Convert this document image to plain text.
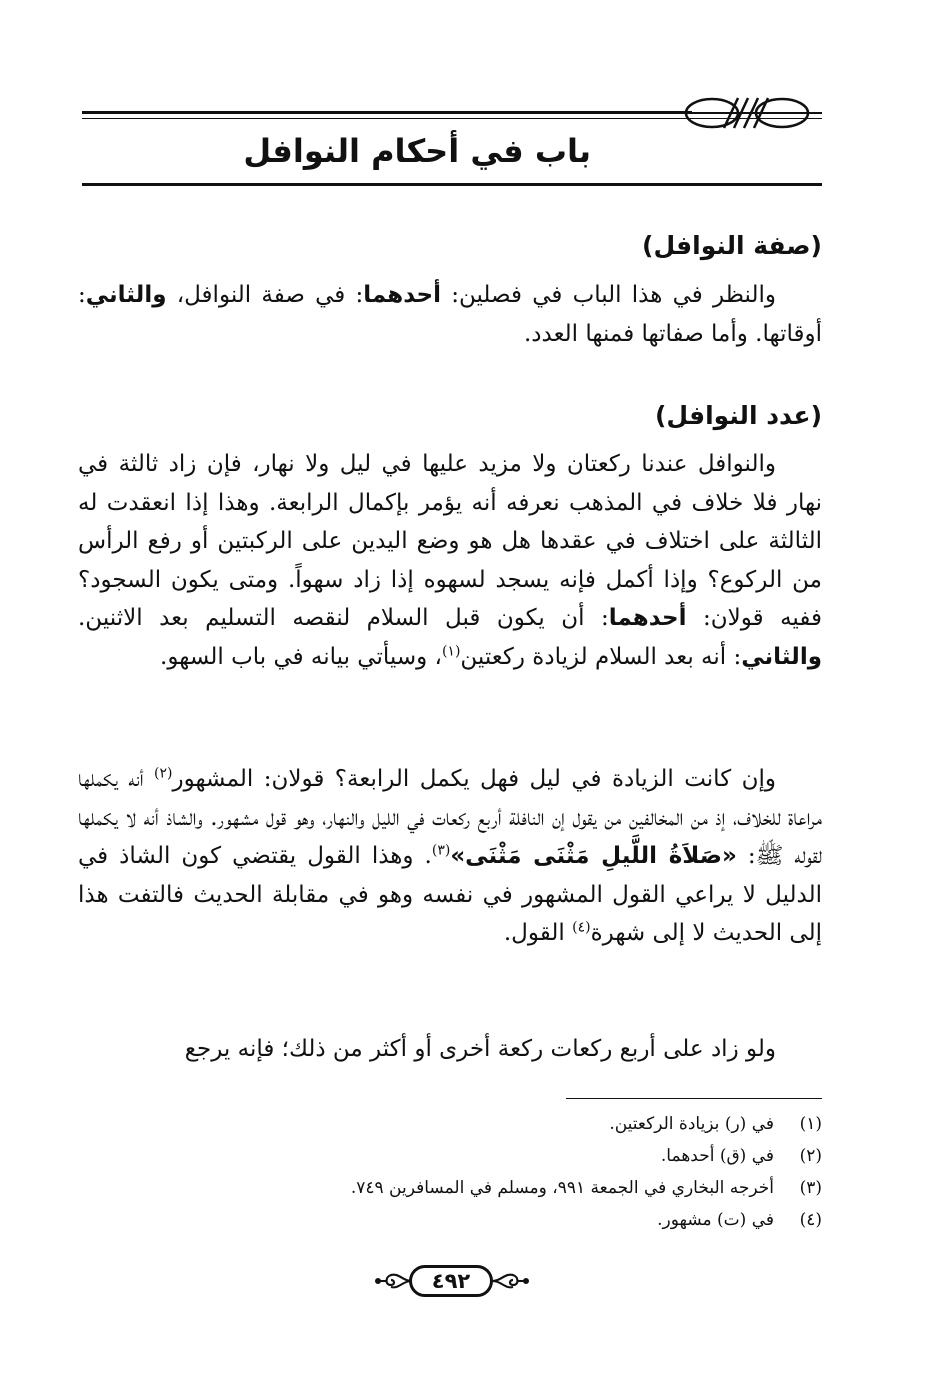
باب في أحكام النوافل
(صفة النوافل)
والنظر في هذا الباب في فصلين: أحدهما: في صفة النوافل، والثاني: أوقاتها. وأما صفاتها فمنها العدد.
(عدد النوافل)
والنوافل عندنا ركعتان ولا مزيد عليها في ليل ولا نهار، فإن زاد ثالثة في نهار فلا خلاف في المذهب نعرفه أنه يؤمر بإكمال الرابعة. وهذا إذا انعقدت له الثالثة على اختلاف في عقدها هل هو وضع اليدين على الركبتين أو رفع الرأس من الركوع؟ وإذا أكمل فإنه يسجد لسهوه إذا زاد سهواً. ومتى يكون السجود؟ ففيه قولان: أحدهما: أن يكون قبل السلام لنقصه التسليم بعد الاثنين. والثاني: أنه بعد السلام لزيادة ركعتين$^{(١)}$، وسيأتي بيانه في باب السهو.
وإن كانت الزيادة في ليل فهل يكمل الرابعة؟ قولان: المشهور$^{(٢)}$ أنه يكملها مراعاة للخلاف، إذ من المخالفين من يقول إن النافلة أربع ركعات في الليل والنهار، وهو قول مشهور. والشاذ أنه لا يكملها لقوله ﷺ: «صَلاَةُ اللَّيلِ مَثْنَى مَثْنَى»$^{(٣)}$. وهذا القول يقتضي كون الشاذ في الدليل لا يراعي القول المشهور في نفسه وهو في مقابلة الحديث فالتفت هذا إلى الحديث لا إلى شهرة$^{(٤)}$ القول.
ولو زاد على أربع ركعات ركعة أخرى أو أكثر من ذلك؛ فإنه يرجع
(١)في (ر) بزيادة الركعتين.
(٢)في (ق) أحدهما.
(٣)أخرجه البخاري في الجمعة ٩٩١، ومسلم في المسافرين ٧٤٩.
(٤)في (ت) مشهور.
٤٩٢
